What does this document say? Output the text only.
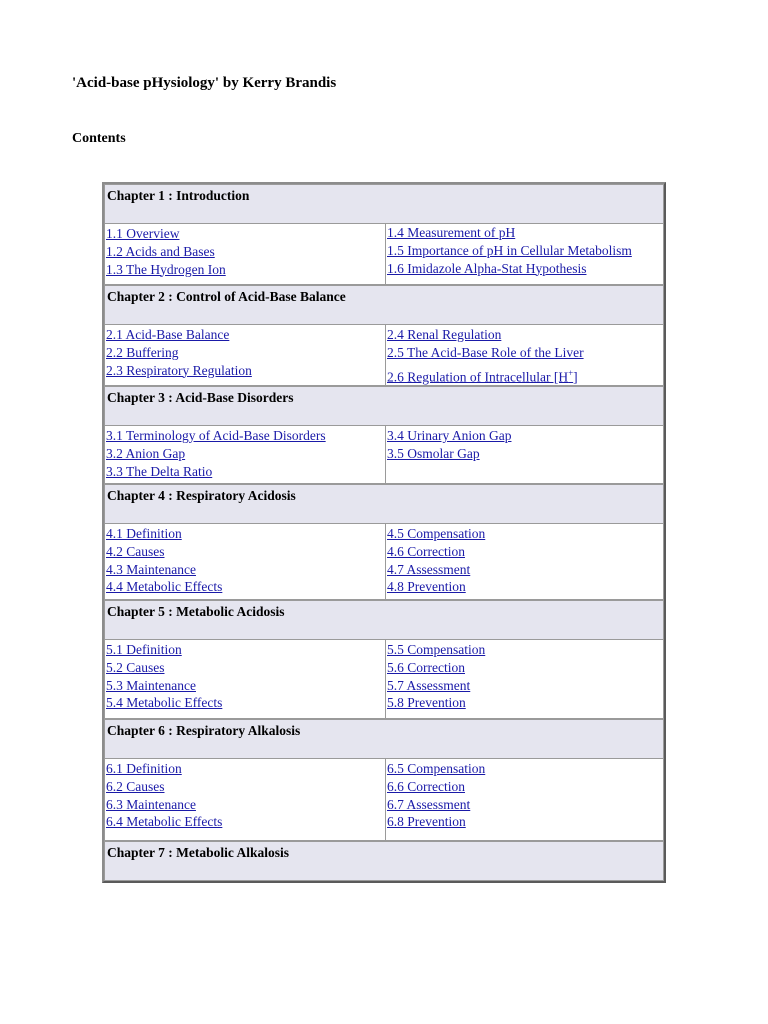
'Acid-base pHysiology' by Kerry Brandis
Contents
Chapter 1 : Introduction
1.1 Overview
1.2 Acids and Bases
1.3 The Hydrogen Ion
1.4 Measurement of pH
1.5 Importance of pH in Cellular Metabolism
1.6 Imidazole Alpha-Stat Hypothesis
Chapter 2 : Control of Acid-Base Balance
2.1 Acid-Base Balance
2.2 Buffering
2.3 Respiratory Regulation
2.4 Renal Regulation
2.5 The Acid-Base Role of the Liver
2.6 Regulation of Intracellular [H+]
Chapter 3 : Acid-Base Disorders
3.1 Terminology of Acid-Base Disorders
3.2 Anion Gap
3.3 The Delta Ratio
3.4 Urinary Anion Gap
3.5 Osmolar Gap
Chapter 4 : Respiratory Acidosis
4.1 Definition
4.2 Causes
4.3 Maintenance
4.4 Metabolic Effects
4.5 Compensation
4.6 Correction
4.7 Assessment
4.8 Prevention
Chapter 5 : Metabolic Acidosis
5.1 Definition
5.2 Causes
5.3 Maintenance
5.4 Metabolic Effects
5.5 Compensation
5.6 Correction
5.7 Assessment
5.8 Prevention
Chapter 6 : Respiratory Alkalosis
6.1 Definition
6.2 Causes
6.3 Maintenance
6.4 Metabolic Effects
6.5 Compensation
6.6 Correction
6.7 Assessment
6.8 Prevention
Chapter 7 : Metabolic Alkalosis
